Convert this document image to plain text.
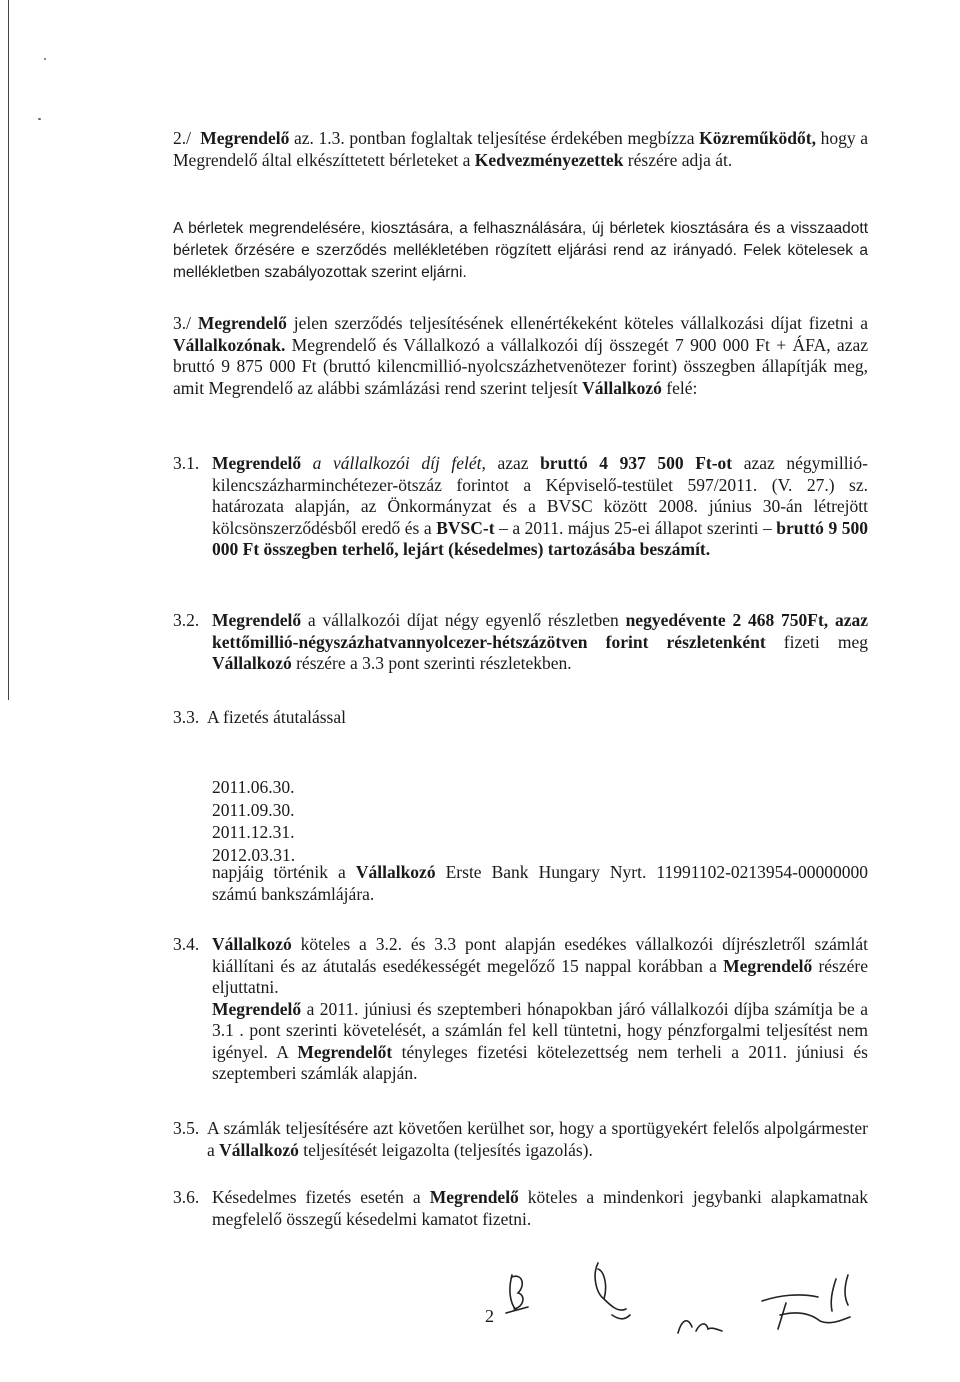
2./ Megrendelő az. 1.3. pontban foglaltak teljesítése érdekében megbízza Közreműködőt, hogy a Megrendelő által elkészíttetett bérleteket a Kedvezményezettek részére adja át.
A bérletek megrendelésére, kiosztására, a felhasználására, új bérletek kiosztására és a visszaadott bérletek őrzésére e szerződés mellékletében rögzített eljárási rend az irányadó. Felek kötelesek a mellékletben szabályozottak szerint eljárni.
3./ Megrendelő jelen szerződés teljesítésének ellenértékeként köteles vállalkozási díjat fizetni a Vállalkozónak. Megrendelő és Vállalkozó a vállalkozói díj összegét 7 900 000 Ft + ÁFA, azaz bruttó 9 875 000 Ft (bruttó kilencmillió-nyolcszázhetvenötezer forint) összegben állapítják meg, amit Megrendelő az alábbi számlázási rend szerint teljesít Vállalkozó felé:
3.1. Megrendelő a vállalkozói díj felét, azaz bruttó 4 937 500 Ft-ot azaz négymillió-kilencszázharminchétezer-ötszáz forintot a Képviselő-testület 597/2011. (V. 27.) sz. határozata alapján, az Önkormányzat és a BVSC között 2008. június 30-án létrejött kölcsönszerződésből eredő és a BVSC-t – a 2011. május 25-ei állapot szerinti – bruttó 9 500 000 Ft összegben terhelő, lejárt (késedelmes) tartozásába beszámít.
3.2. Megrendelő a vállalkozói díjat négy egyenlő részletben negyedévente 2 468 750Ft, azaz kettőmillió-négyszázhatvannyolcezer-hétszázötven forint részletenként fizeti meg Vállalkozó részére a 3.3 pont szerinti részletekben.
3.3. A fizetés átutalással
2011.06.30.
2011.09.30.
2011.12.31.
2012.03.31.
napjáig történik a Vállalkozó Erste Bank Hungary Nyrt. 11991102-0213954-00000000 számú bankszámlájára.
3.4. Vállalkozó köteles a 3.2. és 3.3 pont alapján esedékes vállalkozói díjrészletről számlát kiállítani és az átutalás esedékességét megelőző 15 nappal korábban a Megrendelő részére eljuttatni.
Megrendelő a 2011. júniusi és szeptemberi hónapokban járó vállalkozói díjba számítja be a 3.1 . pont szerinti követelését, a számlán fel kell tüntetni, hogy pénzforgalmi teljesítést nem igényel. A Megrendelőt tényleges fizetési kötelezettség nem terheli a 2011. júniusi és szeptemberi számlák alapján.
3.5. A számlák teljesítésére azt követően kerülhet sor, hogy a sportügyekért felelős alpolgármester a Vállalkozó teljesítését leigazolta (teljesítés igazolás).
3.6. Késedelmes fizetés esetén a Megrendelő köteles a mindenkori jegybanki alapkamatnak megfelelő összegű késedelmi kamatot fizetni.
2
